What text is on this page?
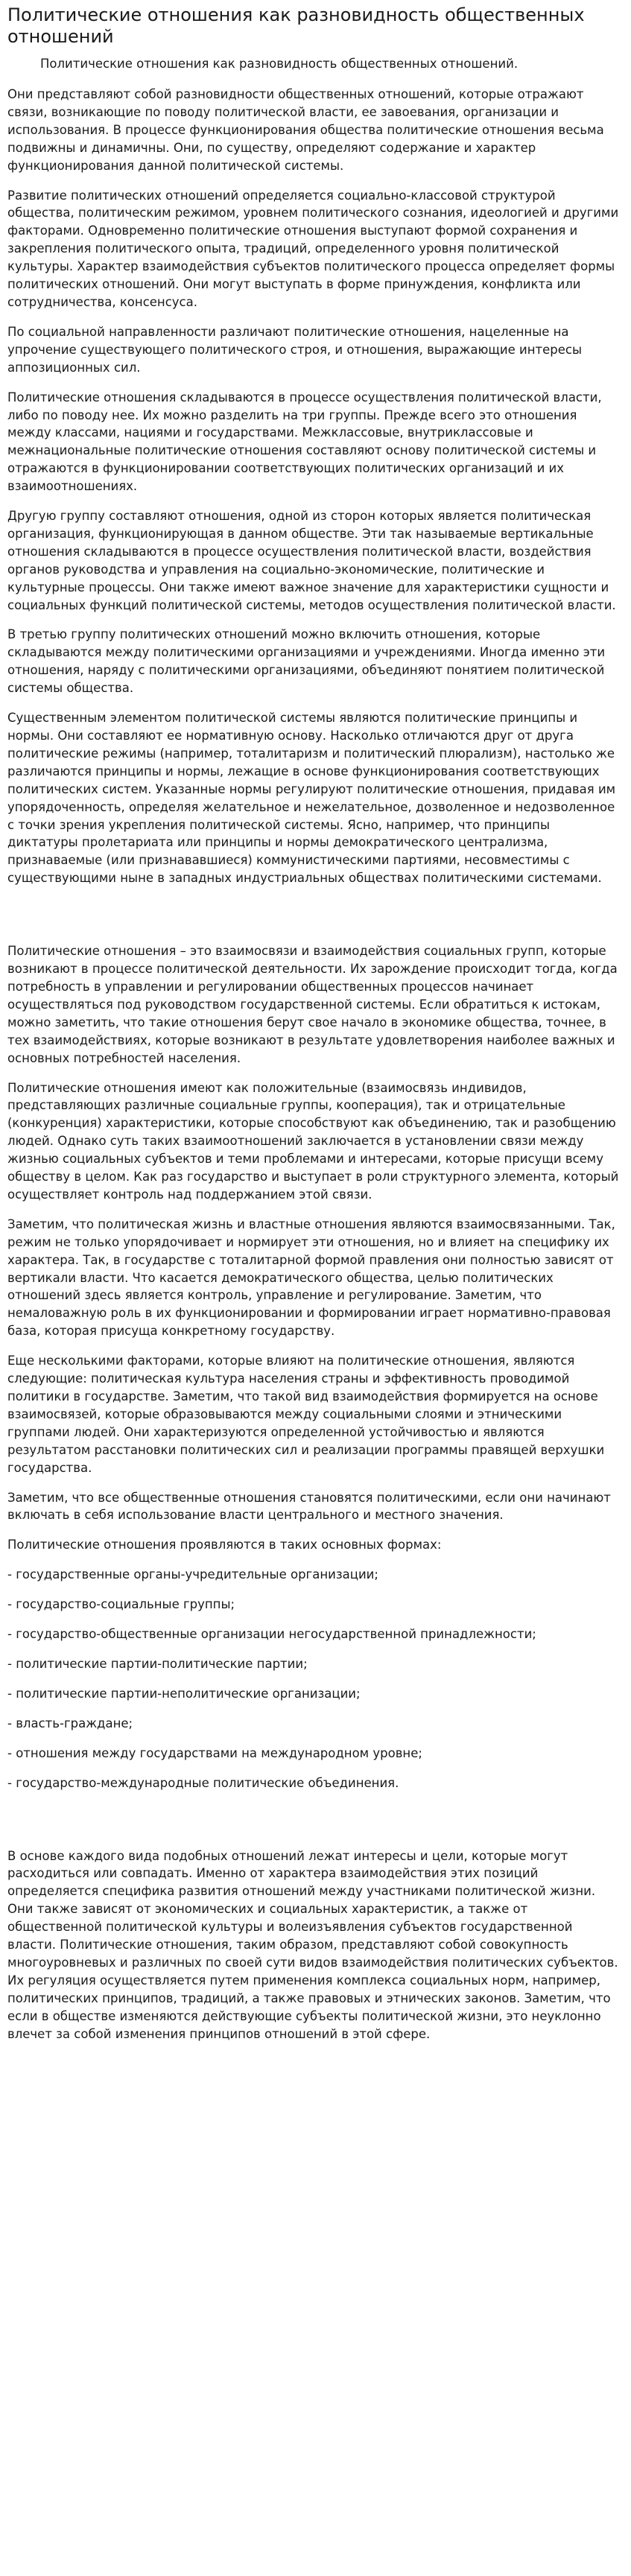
Политические отношения как разновидность общественных отношений

Политические отношения как разновидность общественных отношений.

Они представляют собой разновидности общественных отношений, которые отражают связи, возникающие по поводу политической власти, ее завоевания, организации и использования. В процессе функционирования общества политические отношения весьма подвижны и динамичны. Они, по существу, определяют содержание и характер функционирования данной политической системы.

Развитие политических отношений определяется социально-классовой структурой общества, политическим режимом, уровнем политического сознания, идеологией и другими факторами. Одновременно политические отношения выступают формой сохранения и закрепления политического опыта, традиций, определенного уровня политической культуры. Характер взаимодействия субъектов политического процесса определяет формы политических отношений. Они могут выступать в форме принуждения, конфликта или сотрудничества, консенсуса.

По социальной направленности различают политические отношения, нацеленные на упрочение существующего политического строя, и отношения, выражающие интересы аппозиционных сил.

Политические отношения складываются в процессе осуществления политической власти, либо по поводу нее. Их можно разделить на три группы. Прежде всего это отношения между классами, нациями и государствами. Межклассовые, внутриклассовые и межнациональные политические отношения составляют основу политической системы и отражаются в функционировании соответствующих политических организаций и их взаимоотношениях.

Другую группу составляют отношения, одной из сторон которых является политическая организация, функционирующая в данном обществе. Эти так называемые вертикальные отношения складываются в процессе осуществления политической власти, воздействия органов руководства и управления на социально-экономические, политические и культурные процессы. Они также имеют важное значение для характеристики сущности и социальных функций политической системы, методов осуществления политической власти.

В третью группу политических отношений можно включить отношения, которые складываются между политическими организациями и учреждениями. Иногда именно эти отношения, наряду с политическими организациями, объединяют понятием политической системы общества.

Существенным элементом политической системы являются политические принципы и нормы. Они составляют ее нормативную основу. Насколько отличаются друг от друга политические режимы (например, тоталитаризм и политический плюрализм), настолько же различаются принципы и нормы, лежащие в основе функционирования соответствующих политических систем. Указанные нормы регулируют политические отношения, придавая им упорядоченность, определяя желательное и нежелательное, дозволенное и недозволенное с точки зрения укрепления политической системы. Ясно, например, что принципы диктатуры пролетариата или принципы и нормы демократического централизма, признаваемые (или признававшиеся) коммунистическими партиями, несовместимы с существующими ныне в западных индустриальных обществах политическими системами.

Политические отношения – это взаимосвязи и взаимодействия социальных групп, которые возникают в процессе политической деятельности. Их зарождение происходит тогда, когда потребность в управлении и регулировании общественных процессов начинает осуществляться под руководством государственной системы. Если обратиться к истокам, можно заметить, что такие отношения берут свое начало в экономике общества, точнее, в тех взаимодействиях, которые возникают в результате удовлетворения наиболее важных и основных потребностей населения.

Политические отношения имеют как положительные (взаимосвязь индивидов, представляющих различные социальные группы, кооперация), так и отрицательные (конкуренция) характеристики, которые способствуют как объединению, так и разобщению людей. Однако суть таких взаимоотношений заключается в установлении связи между жизнью социальных субъектов и теми проблемами и интересами, которые присущи всему обществу в целом. Как раз государство и выступает в роли структурного элемента, который осуществляет контроль над поддержанием этой связи.

Заметим, что политическая жизнь и властные отношения являются взаимосвязанными. Так, режим не только упорядочивает и нормирует эти отношения, но и влияет на специфику их характера. Так, в государстве с тоталитарной формой правления они полностью зависят от вертикали власти. Что касается демократического общества, целью политических отношений здесь является контроль, управление и регулирование. Заметим, что немаловажную роль в их функционировании и формировании играет нормативно-правовая база, которая присуща конкретному государству.

Еще несколькими факторами, которые влияют на политические отношения, являются следующие: политическая культура населения страны и эффективность проводимой политики в государстве. Заметим, что такой вид взаимодействия формируется на основе взаимосвязей, которые образовываются между социальными слоями и этническими группами людей. Они характеризуются определенной устойчивостью и являются результатом расстановки политических сил и реализации программы правящей верхушки государства.

Заметим, что все общественные отношения становятся политическими, если они начинают включать в себя использование власти центрального и местного значения.

Политические отношения проявляются в таких основных формах:

- государственные органы-учредительные организации;

- государство-социальные группы;

- государство-общественные организации негосударственной принадлежности;

- политические партии-политические партии;

- политические партии-неполитические организации;

- власть-граждане;

- отношения между государствами на международном уровне;

- государство-международные политические объединения.

В основе каждого вида подобных отношений лежат интересы и цели, которые могут расходиться или совпадать. Именно от характера взаимодействия этих позиций определяется специфика развития отношений между участниками политической жизни. Они также зависят от экономических и социальных характеристик, а также от общественной политической культуры и волеизъявления субъектов государственной власти. Политические отношения, таким образом, представляют собой совокупность многоуровневых и различных по своей сути видов взаимодействия политических субъектов. Их регуляция осуществляется путем применения комплекса социальных норм, например, политических принципов, традиций, а также правовых и этнических законов. Заметим, что если в обществе изменяются действующие субъекты политической жизни, это неуклонно влечет за собой изменения принципов отношений в этой сфере.
